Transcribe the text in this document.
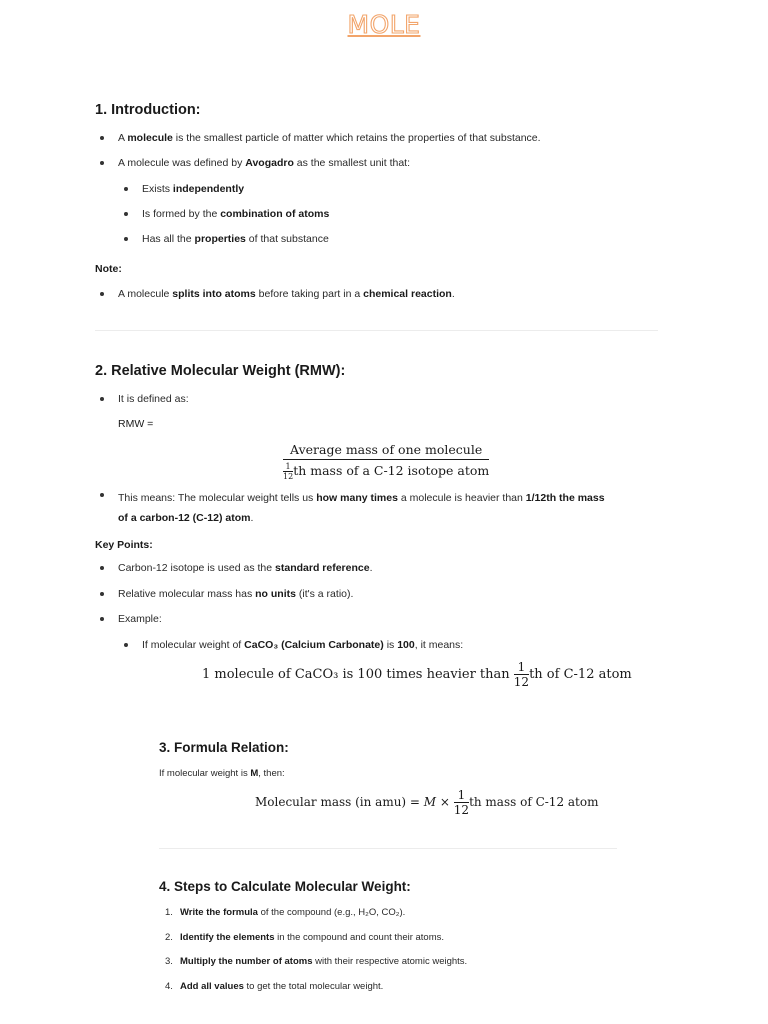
MOLE
1. Introduction:
A molecule is the smallest particle of matter which retains the properties of that substance.
A molecule was defined by Avogadro as the smallest unit that:
Exists independently
Is formed by the combination of atoms
Has all the properties of that substance
Note:
A molecule splits into atoms before taking part in a chemical reaction.
2. Relative Molecular Weight (RMW):
It is defined as:
RMW =
$\frac{\text{Average mass of one molecule}}{\frac{1}{12}th mass of a C-12 isotope atom}$
This means: The molecular weight tells us how many times a molecule is heavier than 1/12th the mass
of a carbon-12 (C-12) atom.
Key Points:
Carbon-12 isotope is used as the standard reference.
Relative molecular mass has no units (it's a ratio).
Example:
If molecular weight of CaCO₃ (Calcium Carbonate) is 100, it means:
1 molecule of CaCO₃ is 100 times heavier than $\frac{1}{12}th$ of C-12 atom
3. Formula Relation:
If molecular weight is M, then:
Molecular mass (in $amu) = M \times \frac{1}{12}th$ mass of C-12 atom
4. Steps to Calculate Molecular Weight:
1. Write the formula of the compound (e.g., H₂O, CO₂).
2. Identify the elements in the compound and count their atoms.
3. Multiply the number of atoms with their respective atomic weights.
4. Add all values to get the total molecular weight.
